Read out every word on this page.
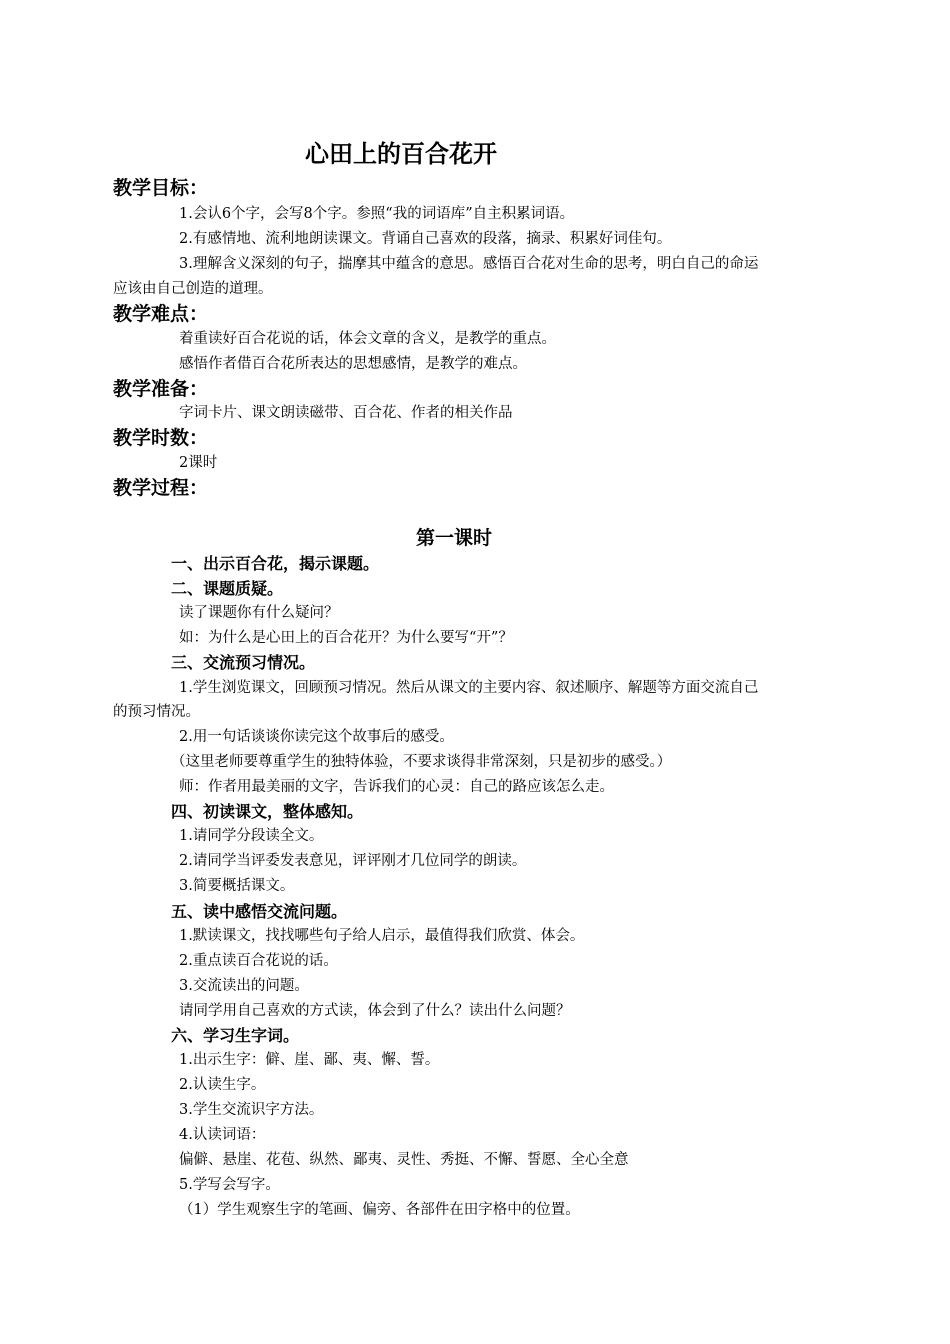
心田上的百合花开
教学目标：
1.会认6个字，会写8个字。参照“我的词语库”自主积累词语。
2.有感情地、流利地朗读课文。背诵自己喜欢的段落，摘录、积累好词佳句。
3.理解含义深刻的句子，揣摩其中蕴含的意思。感悟百合花对生命的思考，明白自己的命运
应该由自己创造的道理。
教学难点：
着重读好百合花说的话，体会文章的含义，是教学的重点。
感悟作者借百合花所表达的思想感情，是教学的难点。
教学准备：
字词卡片、课文朗读磁带、百合花、作者的相关作品
教学时数：
2课时
教学过程：
第一课时
一、出示百合花，揭示课题。
二、课题质疑。
读了课题你有什么疑问？
如：为什么是心田上的百合花开？为什么要写“开”？
三、交流预习情况。
1.学生浏览课文，回顾预习情况。然后从课文的主要内容、叙述顺序、解题等方面交流自己
的预习情况。
2.用一句话谈谈你读完这个故事后的感受。
（这里老师要尊重学生的独特体验，不要求谈得非常深刻，只是初步的感受。）
师：作者用最美丽的文字，告诉我们的心灵：自己的路应该怎么走。
四、初读课文，整体感知。
1.请同学分段读全文。
2.请同学当评委发表意见，评评刚才几位同学的朗读。
3.简要概括课文。
五、读中感悟交流问题。
1.默读课文，找找哪些句子给人启示，最值得我们欣赏、体会。
2.重点读百合花说的话。
3.交流读出的问题。
请同学用自己喜欢的方式读，体会到了什么？读出什么问题？
六、学习生字词。
1.出示生字：僻、崖、鄙、夷、懈、誓。
2.认读生字。
3.学生交流识字方法。
4.认读词语：
偏僻、悬崖、花苞、纵然、鄙夷、灵性、秀挺、不懈、誓愿、全心全意
5.学写会写字。
（1）学生观察生字的笔画、偏旁、各部件在田字格中的位置。
